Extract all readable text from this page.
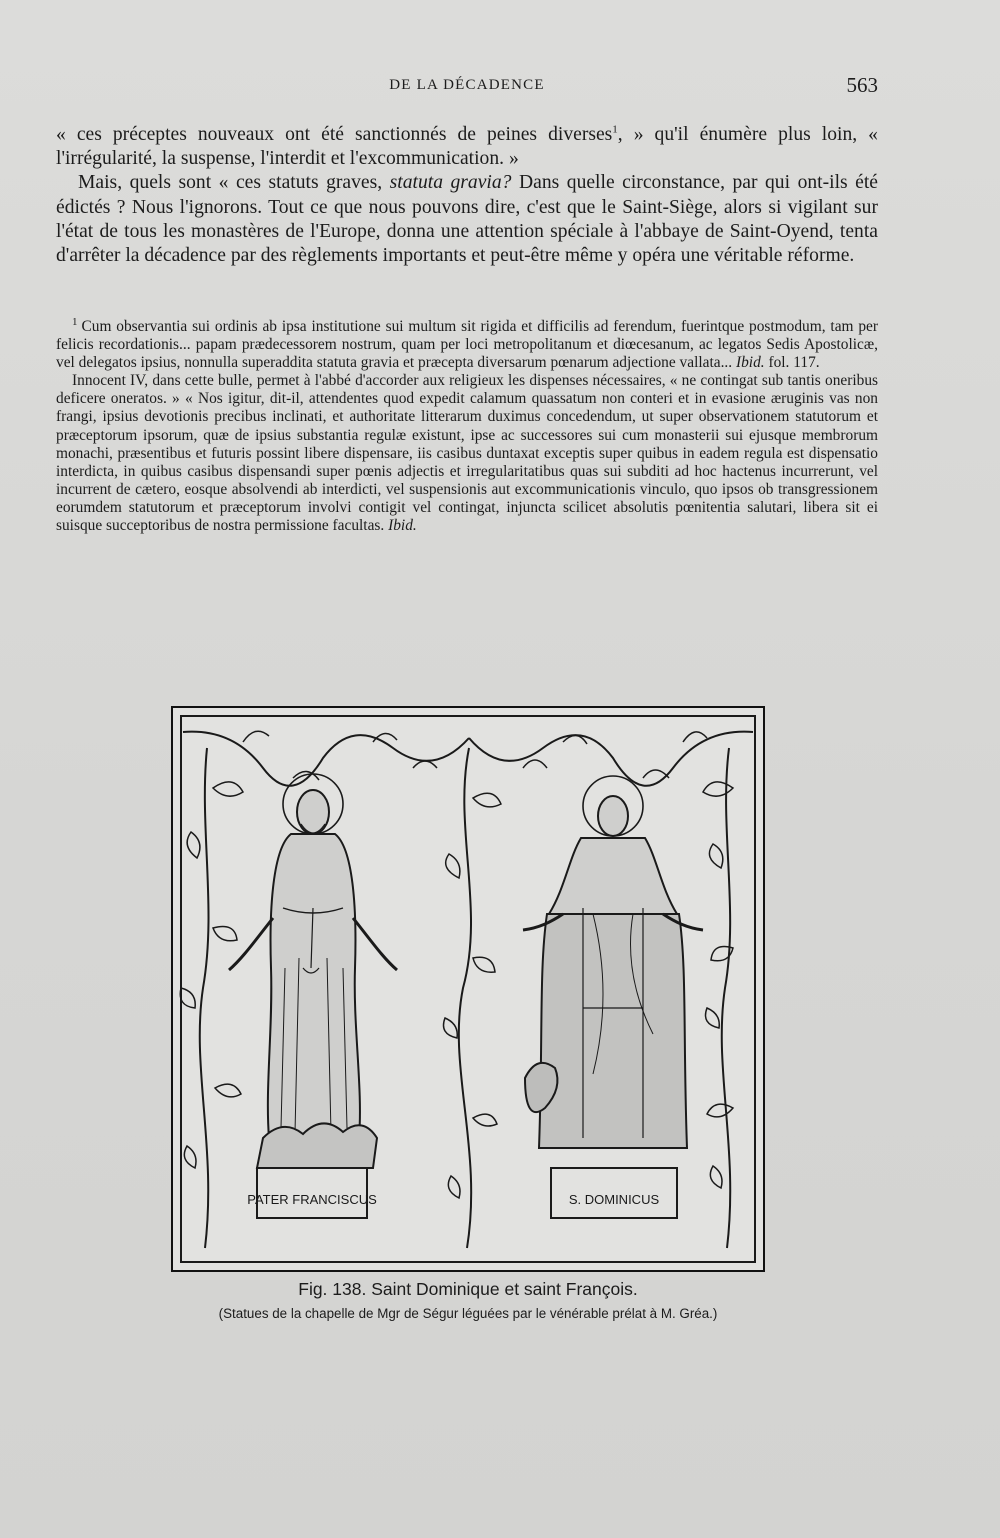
DE LA DÉCADENCE	563

« ces préceptes nouveaux ont été sanctionnés de peines diverses$^1$, » qu'il énumère plus loin, « l'irrégularité, la suspense, l'interdit et l'excommunication. »

Mais, quels sont « ces statuts graves, statuta gravia? Dans quelle circonstance, par qui ont-ils été édictés ? Nous l'ignorons. Tout ce que nous pouvons dire, c'est que le Saint-Siège, alors si vigilant sur l'état de tous les monastères de l'Europe, donna une attention spéciale à l'abbaye de Saint-Oyend, tenta d'arrêter la décadence par des règlements importants et peut-être même y opéra une véritable réforme.

$^1$ Cum observantia sui ordinis ab ipsa institutione sui multum sit rigida et difficilis ad ferendum, fuerintque postmodum, tam per felicis recordationis... papam prædecessorem nostrum, quam per loci metropolitanum et diœcesanum, ac legatos Sedis Apostolicæ, vel delegatos ipsius, nonnulla superaddita statuta gravia et præcepta diversarum pœnarum adjectione vallata... Ibid. fol. 117.

Innocent IV, dans cette bulle, permet à l'abbé d'accorder aux religieux les dispenses nécessaires, « ne contingat sub tantis oneribus deficere oneratos. » « Nos igitur, dit-il, attendentes quod expedit calamum quassatum non conteri et in evasione æruginis vas non frangi, ipsius devotionis precibus inclinati, et authoritate litterarum duximus concedendum, ut super observationem statutorum et præceptorum ipsorum, quæ de ipsius substantia regulæ existunt, ipse ac successores sui cum monasterii sui ejusque membrorum monachi, præsentibus et futuris possint libere dispensare, iis casibus duntaxat exceptis super quibus in eadem regula est dispensatio interdicta, in quibus casibus dispensandi super pœnis adjectis et irregularitatibus quas sui subditi ad hoc hactenus incurrerunt, vel incurrent de cætero, eosque absolvendi ab interdicti, vel suspensionis aut excommunicationis vinculo, quo ipsos ob transgressionem eorumdem statutorum et præceptorum involvi contigit vel contingat, injuncta scilicet absolutis pœnitentia salutari, libera sit ei suisque succeptoribus de nostra permissione facultas. Ibid.

PATER FRANCISCUS	S. DOMINICUS
Fig. 138. Saint Dominique et saint François.
(Statues de la chapelle de Mgr de Ségur léguées par le vénérable prélat à M. Gréa.)
